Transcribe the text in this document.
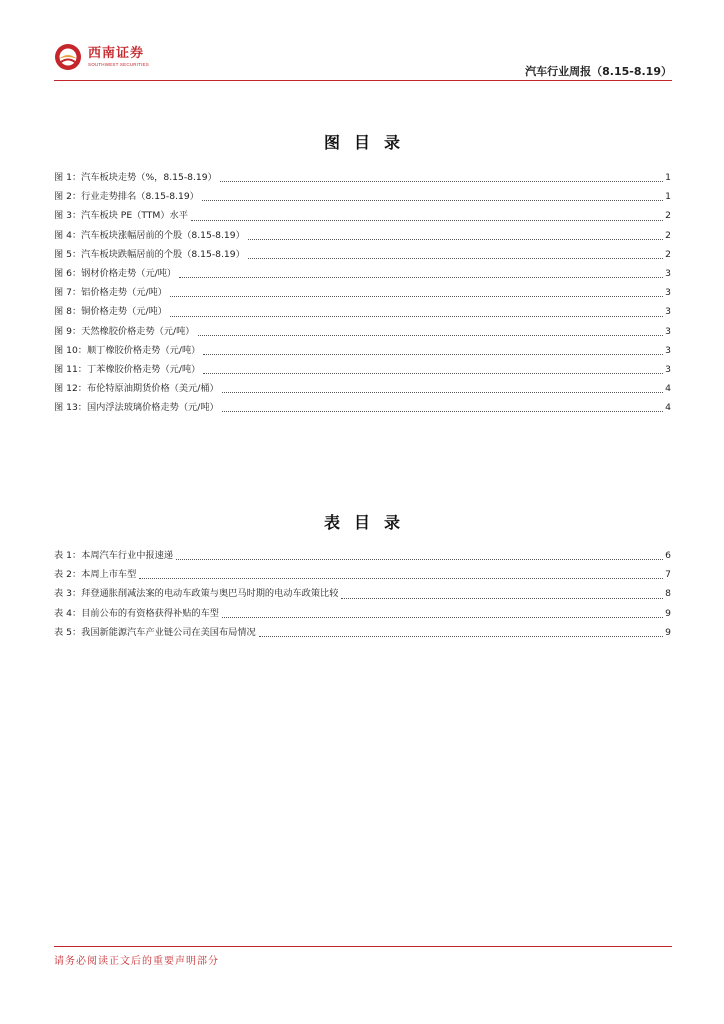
西南证券
SOUTHWEST SECURITIES
汽车行业周报（8.15-8.19）
图目录
图 1：汽车板块走势（%，8.15-8.19）	1
图 2：行业走势排名（8.15-8.19）	1
图 3：汽车板块 PE（TTM）水平	2
图 4：汽车板块涨幅居前的个股（8.15-8.19）	2
图 5：汽车板块跌幅居前的个股（8.15-8.19）	2
图 6：钢材价格走势（元/吨）	3
图 7：铝价格走势（元/吨）	3
图 8：铜价格走势（元/吨）	3
图 9：天然橡胶价格走势（元/吨）	3
图 10：顺丁橡胶价格走势（元/吨）	3
图 11：丁苯橡胶价格走势（元/吨）	3
图 12：布伦特原油期货价格（美元/桶）	4
图 13：国内浮法玻璃价格走势（元/吨）	4
表目录
表 1：本周汽车行业中报速递	6
表 2：本周上市车型	7
表 3：拜登通胀削减法案的电动车政策与奥巴马时期的电动车政策比较	8
表 4：目前公布的有资格获得补贴的车型	9
表 5：我国新能源汽车产业链公司在美国布局情况	9
请务必阅读正文后的重要声明部分
